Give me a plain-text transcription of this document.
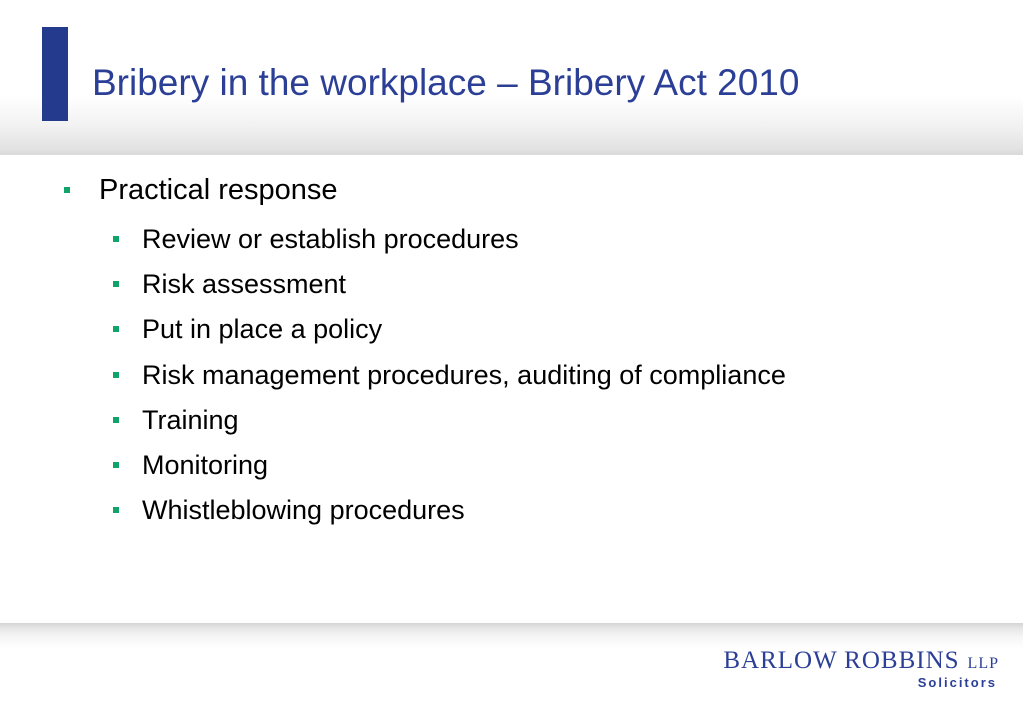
Bribery in the workplace – Bribery Act 2010
Practical response
Review or establish procedures
Risk assessment
Put in place a policy
Risk management procedures, auditing of compliance
Training
Monitoring
Whistleblowing procedures
BARLOW ROBBINS LLP
Solicitors
